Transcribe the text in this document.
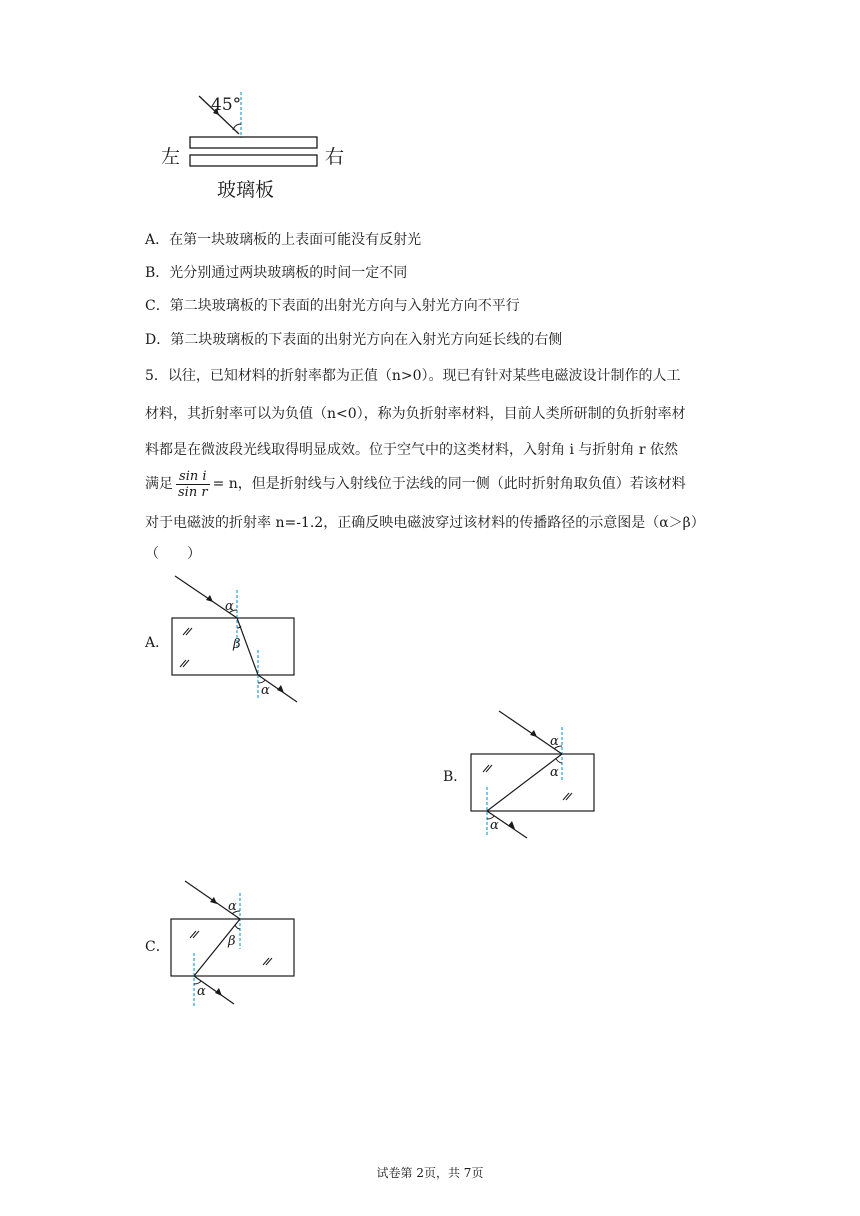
45°
左	右
玻璃板
A．在第一块玻璃板的上表面可能没有反射光
B．光分别通过两块玻璃板的时间一定不同
C．第二块玻璃板的下表面的出射光方向与入射光方向不平行
D．第二块玻璃板的下表面的出射光方向在入射光方向延长线的右侧
5．以往，已知材料的折射率都为正值（n>0）。现已有针对某些电磁波设计制作的人工
材料，其折射率可以为负值（n<0），称为负折射率材料，目前人类所研制的负折射率材
料都是在微波段光线取得明显成效。位于空气中的这类材料，入射角 i 与折射角 r 依然
满足 $\frac{\text{sin i}}{\text{sin r}} = n$，但是折射线与入射线位于法线的同一侧（此时折射角取负值）若该材料
对于电磁波的折射率 n=-1.2，正确反映电磁波穿过该材料的传播路径的示意图是（α＞β）
（　　）
A．
α
β
α
B．
α
α
α
C．
α
β
α
试卷第 2页，共 7页
